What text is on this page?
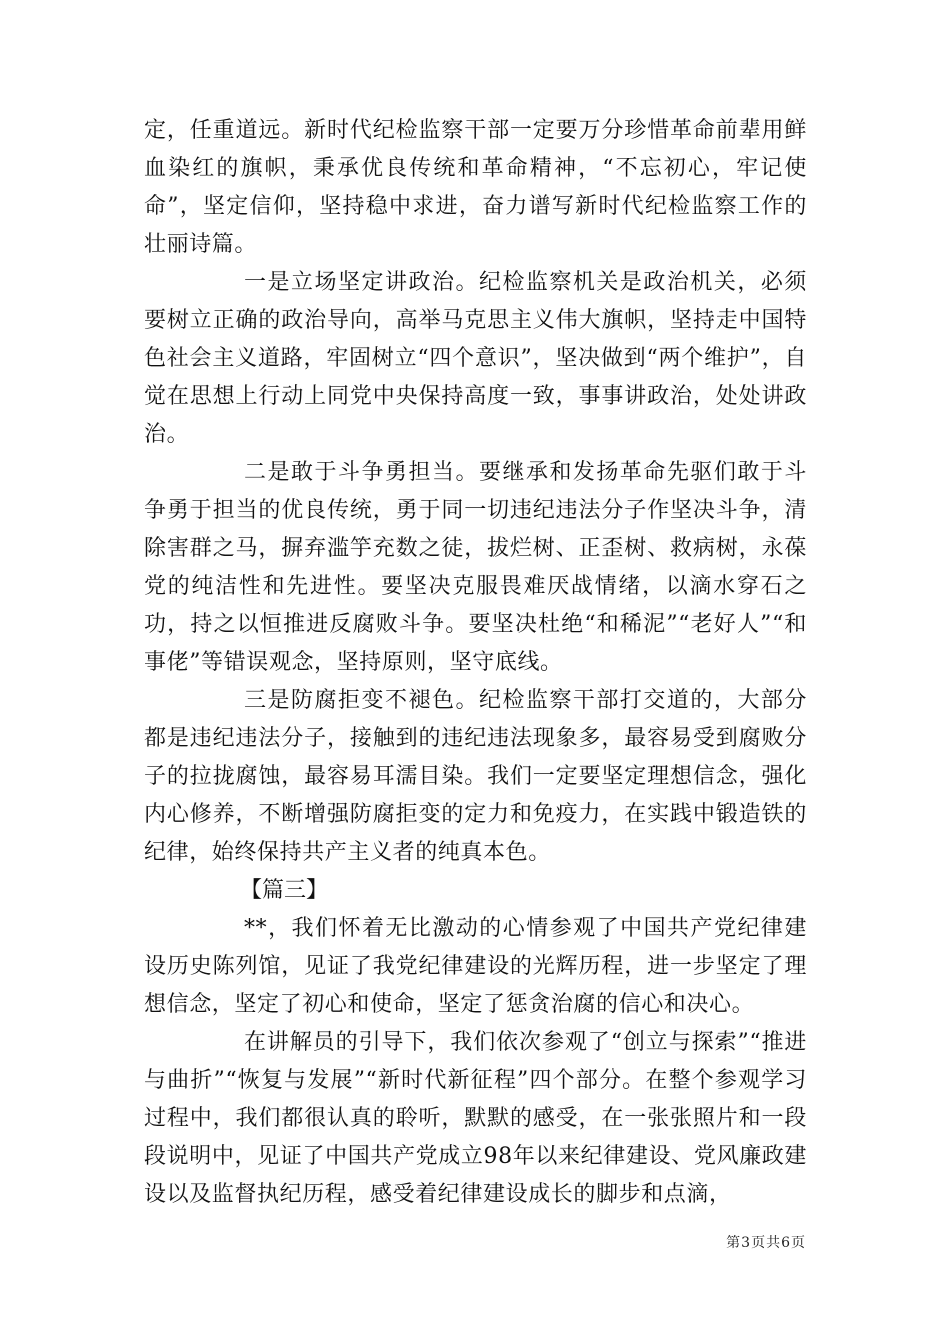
定，任重道远。新时代纪检监察干部一定要万分珍惜革命前辈用鲜血染红的旗帜，秉承优良传统和革命精神，“不忘初心，牢记使命”，坚定信仰，坚持稳中求进，奋力谱写新时代纪检监察工作的壮丽诗篇。

一是立场坚定讲政治。纪检监察机关是政治机关，必须要树立正确的政治导向，高举马克思主义伟大旗帜，坚持走中国特色社会主义道路，牢固树立“四个意识”，坚决做到“两个维护”，自觉在思想上行动上同党中央保持高度一致，事事讲政治，处处讲政治。

二是敢于斗争勇担当。要继承和发扬革命先驱们敢于斗争勇于担当的优良传统，勇于同一切违纪违法分子作坚决斗争，清除害群之马，摒弃滥竽充数之徒，拔烂树、正歪树、救病树，永葆党的纯洁性和先进性。要坚决克服畏难厌战情绪，以滴水穿石之功，持之以恒推进反腐败斗争。要坚决杜绝“和稀泥”“老好人”“和事佬”等错误观念，坚持原则，坚守底线。

三是防腐拒变不褪色。纪检监察干部打交道的，大部分都是违纪违法分子，接触到的违纪违法现象多，最容易受到腐败分子的拉拢腐蚀，最容易耳濡目染。我们一定要坚定理想信念，强化内心修养，不断增强防腐拒变的定力和免疫力，在实践中锻造铁的纪律，始终保持共产主义者的纯真本色。

【篇三】

**，我们怀着无比激动的心情参观了中国共产党纪律建设历史陈列馆，见证了我党纪律建设的光辉历程，进一步坚定了理想信念，坚定了初心和使命，坚定了惩贪治腐的信心和决心。

在讲解员的引导下，我们依次参观了“创立与探索”“推进与曲折”“恢复与发展”“新时代新征程”四个部分。在整个参观学习过程中，我们都很认真的聆听，默默的感受，在一张张照片和一段段说明中，见证了中国共产党成立98年以来纪律建设、党风廉政建设以及监督执纪历程，感受着纪律建设成长的脚步和点滴，

第3页共6页
